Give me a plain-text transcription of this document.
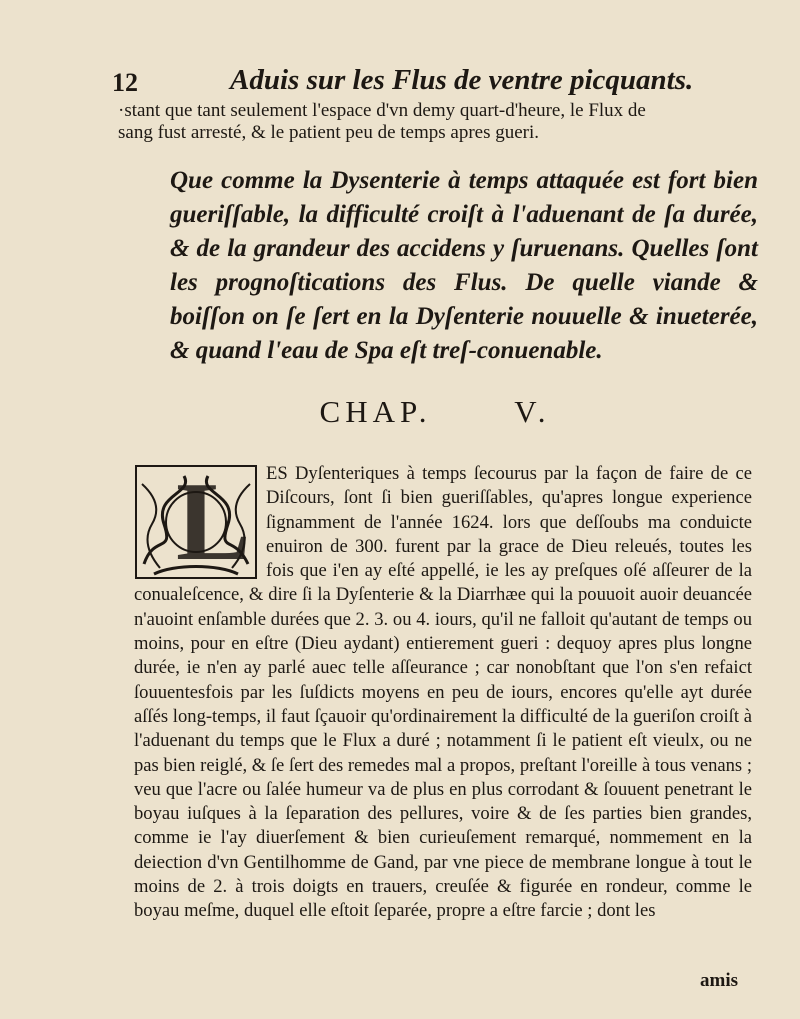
12	Aduis sur les Flus de ventre picquants.

·stant que tant seulement l'espace d'vn demy quart-d'heure, le Flux de sang fust arresté, & le patient peu de temps apres gueri.

Que comme la Dysenterie à temps attaquée est fort bien gueriſſable, la difficulté croiſt à l'aduenant de ſa durée, & de la grandeur des accidens y ſuruenans. Quelles ſont les prognoſtications des Flus. De quelle viande & boiſſon on ſe ſert en la Dyſenterie nouuelle & inueterée, & quand l'eau de Spa eſt treſ-conuenable.

CHAP.	V.
L ES Dyſenteriques à temps ſecourus par la façon de faire de ce Diſcours, ſont ſi bien gueriſſables, qu'apres longue experience ſignamment de l'année 1624. lors que deſſoubs ma conduicte enuiron de 300. furent par la grace de Dieu releués, toutes les fois que i'en ay eſté appellé, ie les ay preſques oſé aſſeurer de la conualeſcence, & dire ſi la Dyſenterie & la Diarrhæe qui la pouuoit auoir deuancée n'auoint enſamble durées que 2. 3. ou 4. iours, qu'il ne falloit qu'autant de temps ou moins, pour en eſtre (Dieu aydant) entierement gueri : dequoy apres plus longne durée, ie n'en ay parlé auec telle aſſeurance ; car nonobſtant que l'on s'en refaict ſouuentesfois par les ſuſdicts moyens en peu de iours, encores qu'elle ayt durée aſſés long-temps, il faut ſçauoir qu'ordinairement la difficulté de la gueriſon croiſt à l'aduenant du temps que le Flux a duré ; notamment ſi le patient eſt vieulx, ou ne pas bien reiglé, & ſe ſert des remedes mal a propos, preſtant l'oreille à tous venans ; veu que l'acre ou ſalée humeur va de plus en plus corrodant & ſouuent penetrant le boyau iuſques à la ſeparation des pellures, voire & de ſes parties bien grandes, comme ie l'ay diuerſement & bien curieuſement remarqué, nommement en la deiection d'vn Gentilhomme de Gand, par vne piece de membrane longue à tout le moins de 2. à trois doigts en trauers, creuſée & figurée en rondeur, comme le boyau meſme, duquel elle eſtoit ſeparée, propre a eſtre farcie ; dont les
amis
